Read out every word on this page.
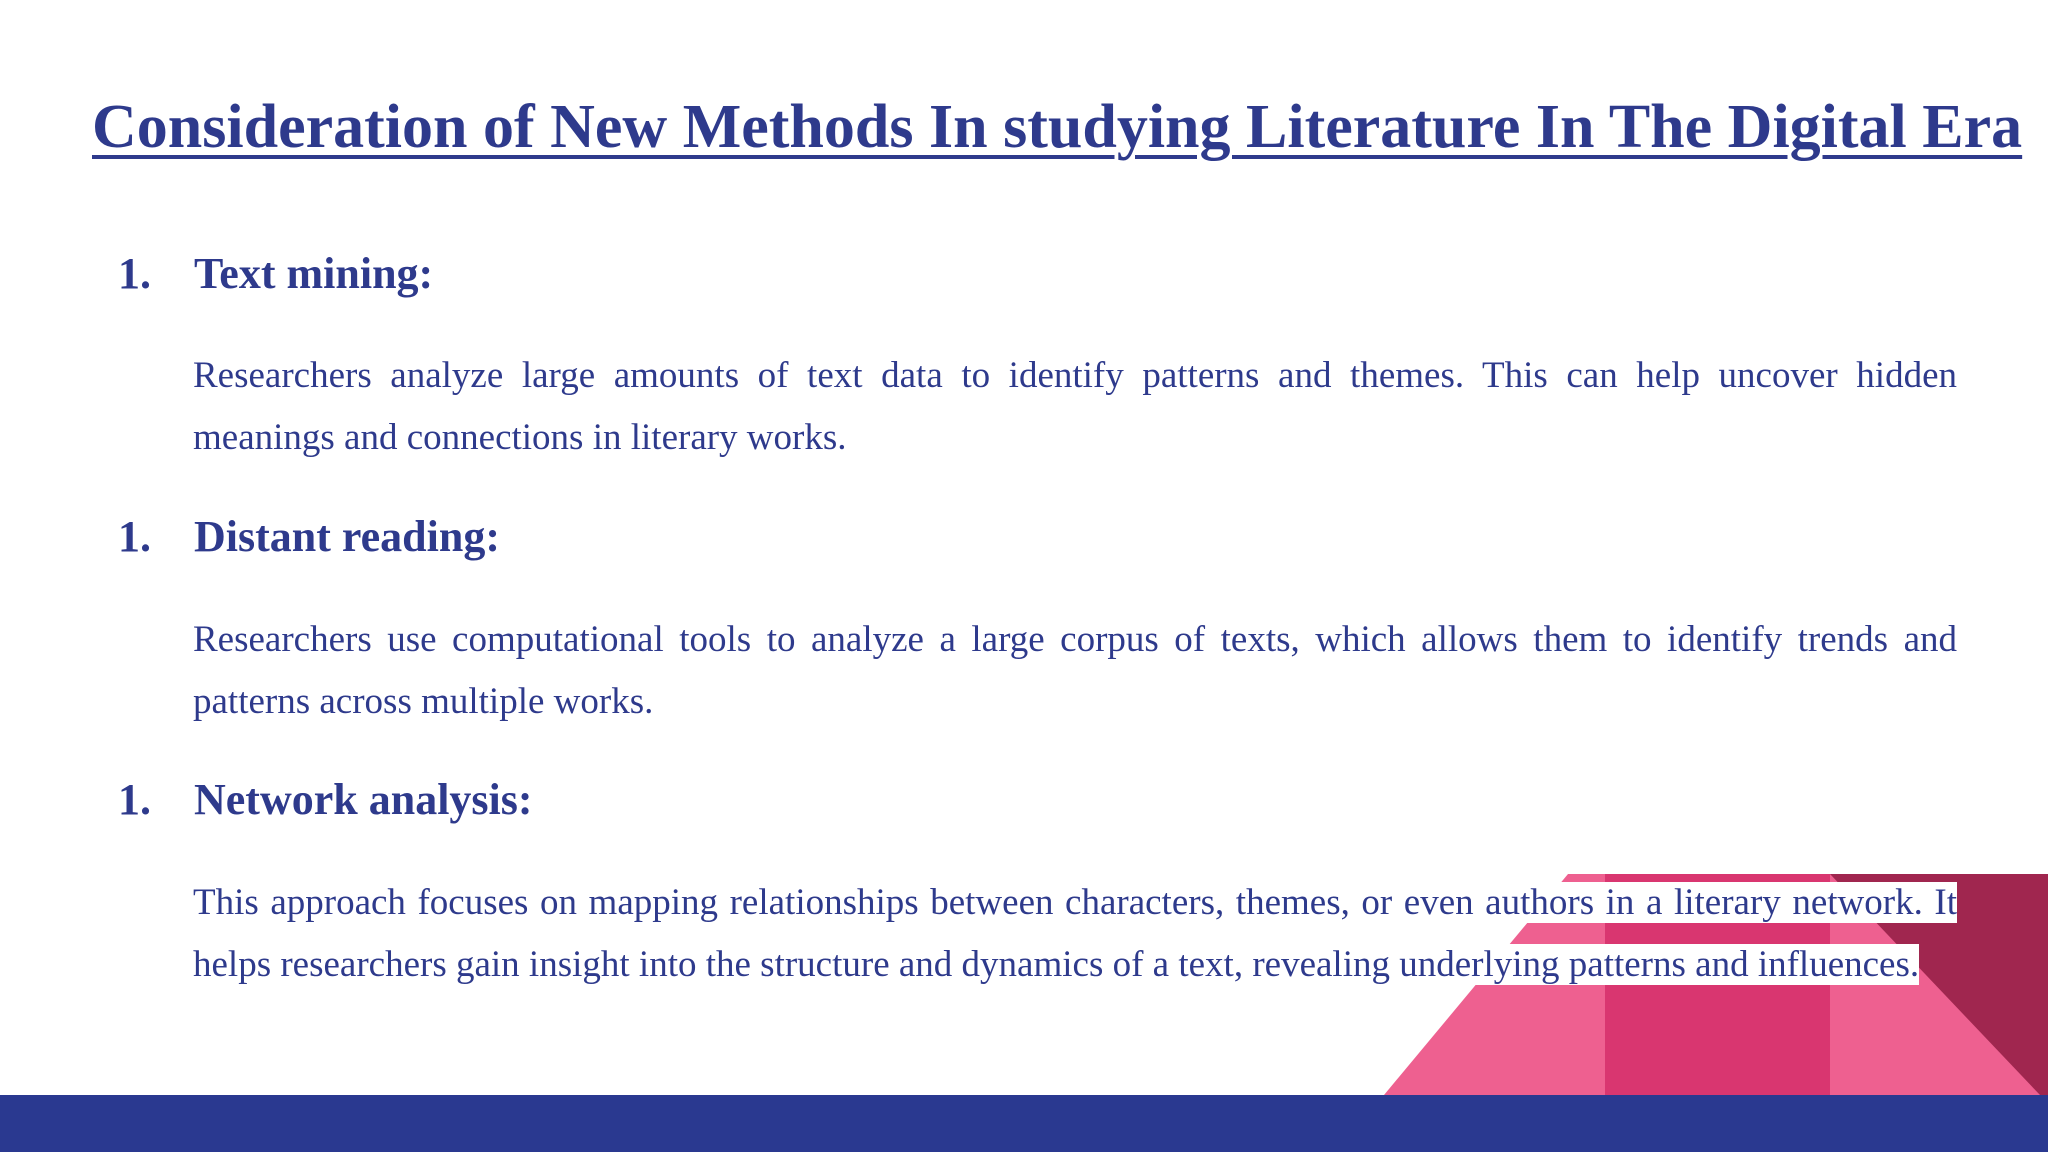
Consideration of New Methods In studying Literature In The Digital Era
1. Text mining:

Researchers analyze large amounts of text data to identify patterns and themes. This can help uncover hidden meanings and connections in literary works.

1. Distant reading:

Researchers use computational tools to analyze a large corpus of texts, which allows them to identify trends and patterns across multiple works.

1. Network analysis:

This approach focuses on mapping relationships between characters, themes, or even authors in a literary network. It helps researchers gain insight into the structure and dynamics of a text, revealing underlying patterns and influences.
